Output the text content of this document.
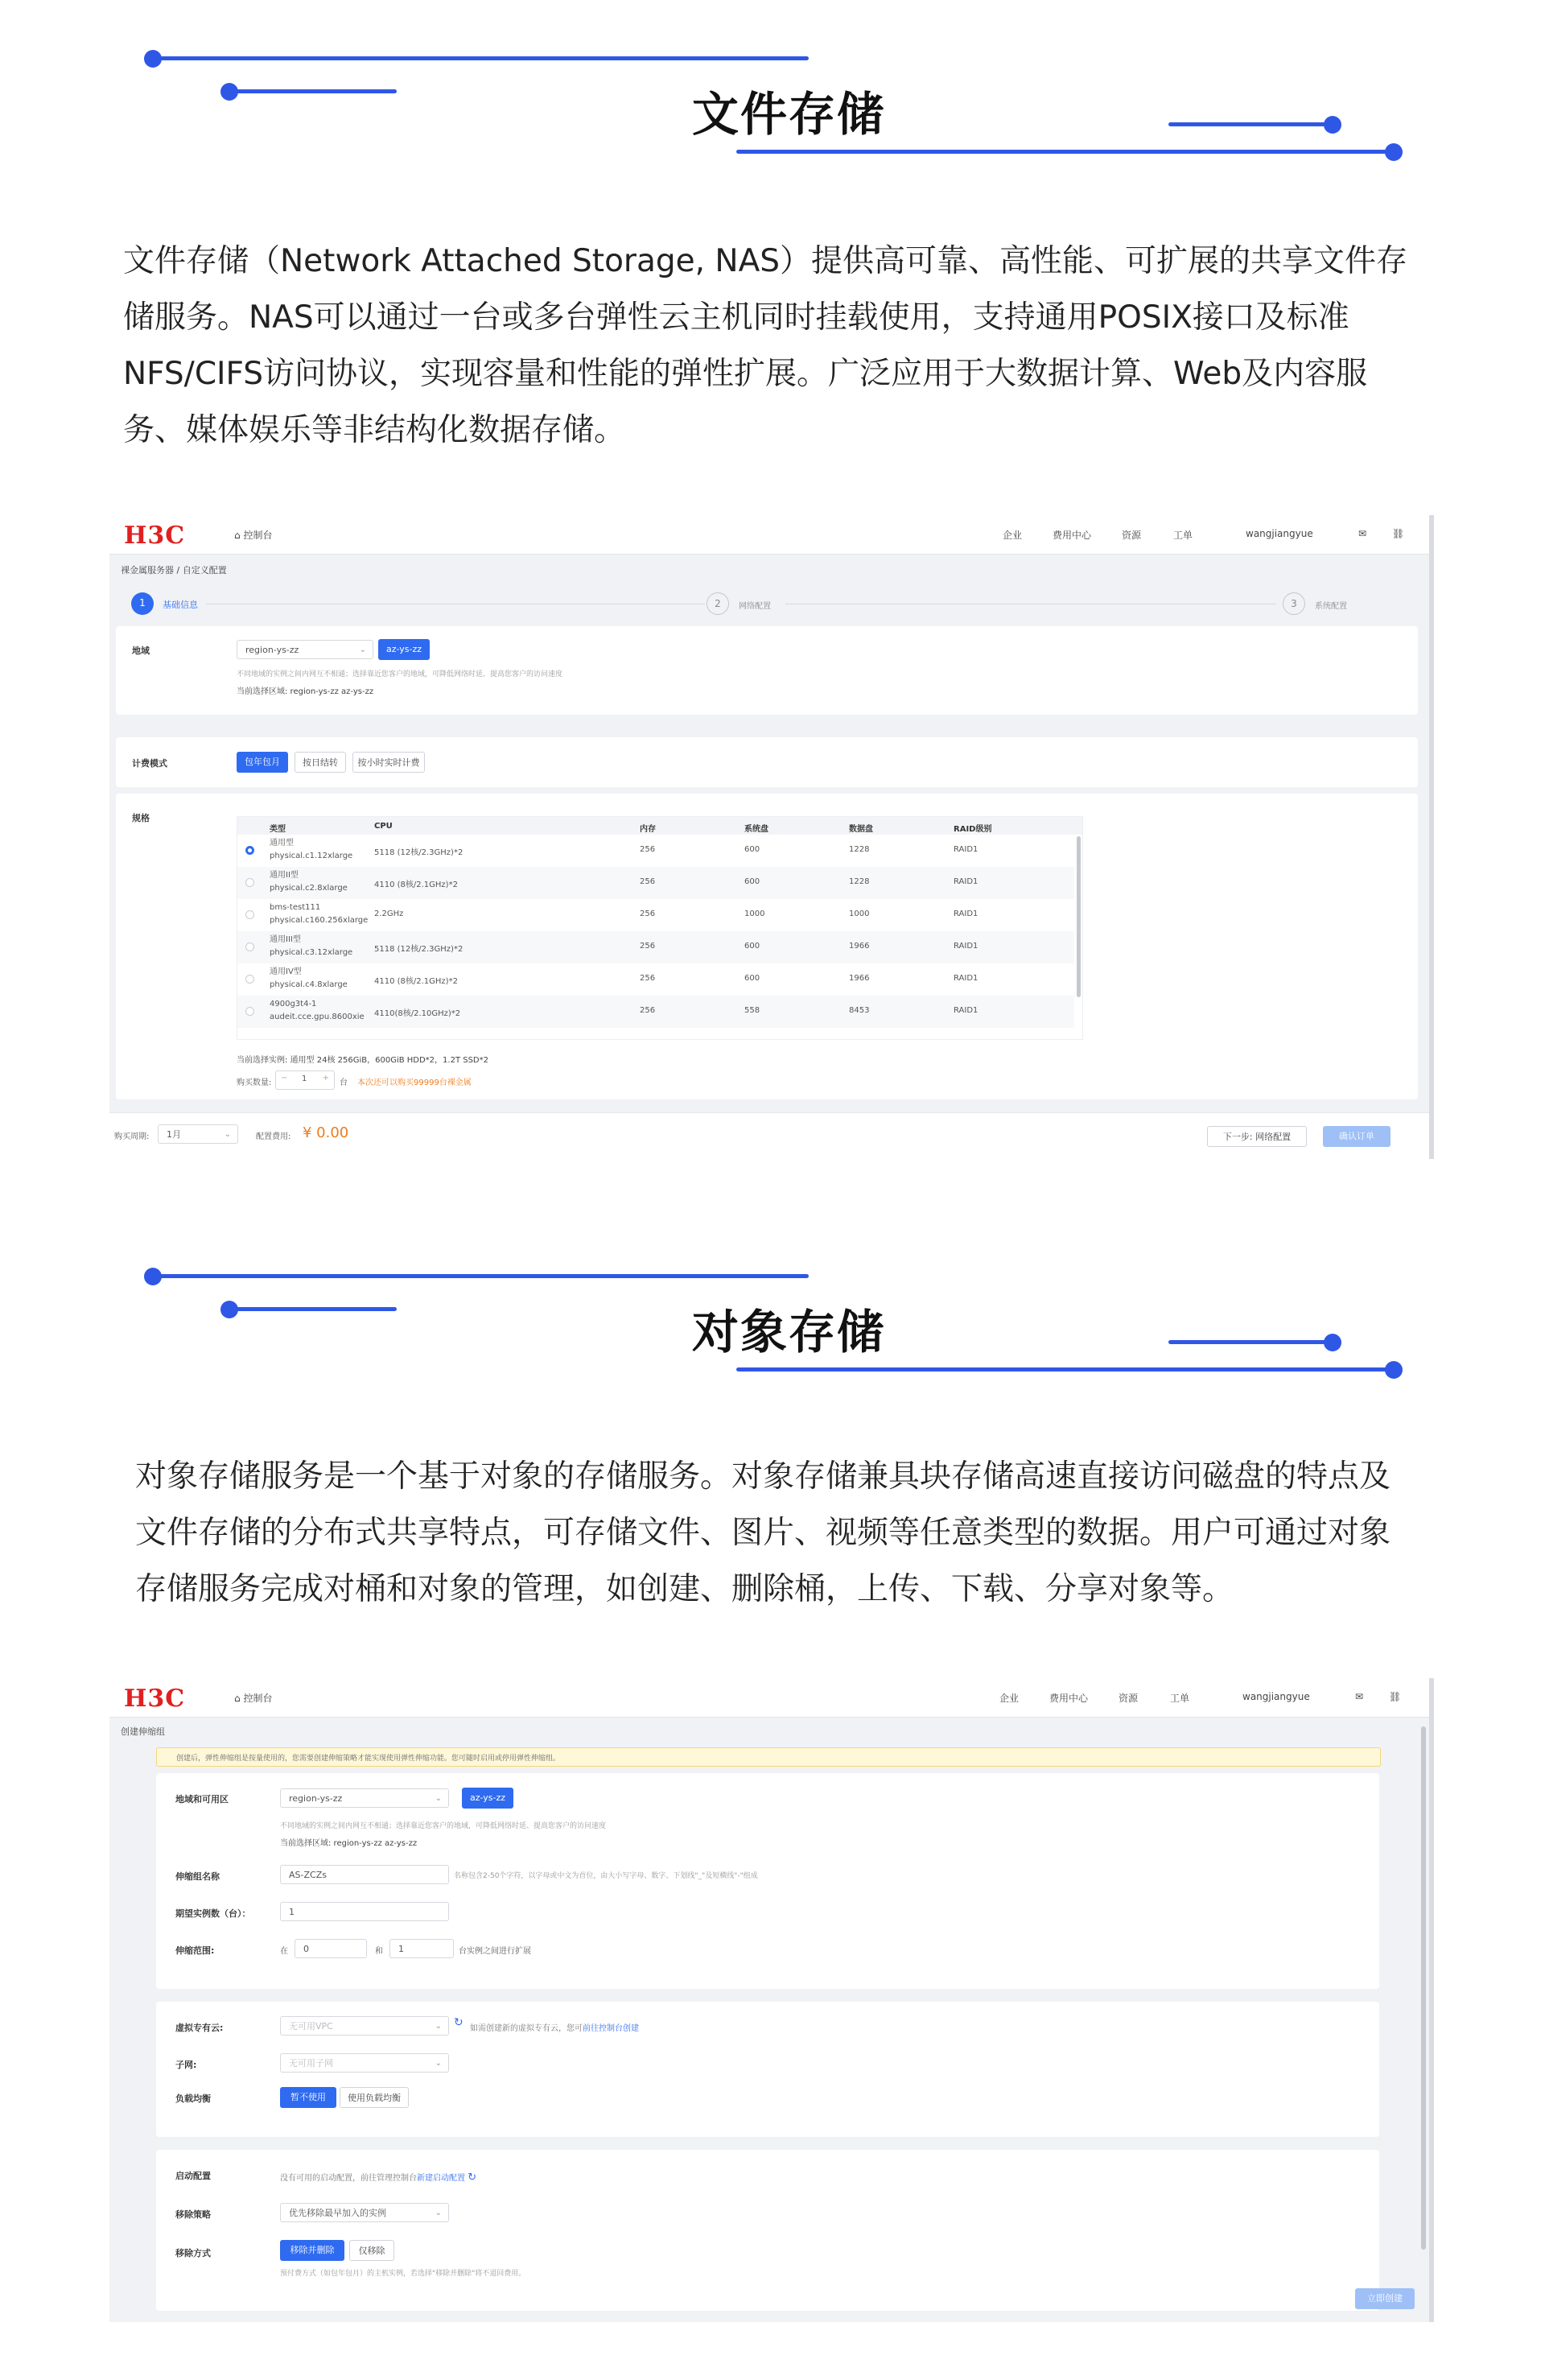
文件存储
文件存储（Network Attached Storage, NAS）提供高可靠、高性能、可扩展的共享文件存储服务。NAS可以通过一台或多台弹性云主机同时挂载使用，支持通用POSIX接口及标准NFS/CIFS访问协议，实现容量和性能的弹性扩展。广泛应用于大数据计算、Web及内容服务、媒体娱乐等非结构化数据存储。
H3C	⌂ 控制台	企业	费用中心	资源	工单	wangjiangyue	✉	⛓
裸金属服务器 / 自定义配置
1	基础信息	2	网络配置	3	系统配置
地域	region-ys-zz	⌄	az-ys-zz
不同地域的实例之间内网互不相通；选择靠近您客户的地域，可降低网络时延、提高您客户的访问速度
当前选择区域: region-ys-zz az-ys-zz
计费模式	包年包月	按日结转	按小时实时计费
规格
类型	CPU	内存	系统盘	数据盘	RAID级别
通用型
physical.c1.12xlarge	5118 (12核/2.3GHz)*2	256	600	1228	RAID1
通用II型
physical.c2.8xlarge	4110 (8核/2.1GHz)*2	256	600	1228	RAID1
bms-test111
physical.c160.256xlarge
2.2GHz	256	1000	1000	RAID1
通用III型
physical.c3.12xlarge	5118 (12核/2.3GHz)*2	256	600	1966	RAID1
通用IV型
physical.c4.8xlarge	4110 (8核/2.1GHz)*2	256	600	1966	RAID1
4900g3t4-1
audeit.cce.gpu.8600xie 4110(8核/2.10GHz)*2	256	558	8453	RAID1
当前选择实例: 通用型 24核 256GiB，600GiB HDD*2，1.2T SSD*2
购买数量:
− 1 +
台 本次还可以购买99999台裸金属
购买周期:	1月	⌄	配置费用: ¥ 0.00	下一步: 网络配置	确认订单
对象存储
对象存储服务是一个基于对象的存储服务。对象存储兼具块存储高速直接访问磁盘的特点及文件存储的分布式共享特点，可存储文件、图片、视频等任意类型的数据。用户可通过对象存储服务完成对桶和对象的管理，如创建、删除桶，上传、下载、分享对象等。
H3C	⌂ 控制台	企业	费用中心	资源	工单	wangjiangyue	✉	⛓
创建伸缩组
创建后，弹性伸缩组是按量使用的，您需要创建伸缩策略才能实现使用弹性伸缩功能。您可随时启用或停用弹性伸缩组。
地域和可用区	region-ys-zz	⌄	az-ys-zz
不同地域的实例之间内网互不相通；选择靠近您客户的地域，可降低网络时延、提高您客户的访问速度
当前选择区域: region-ys-zz az-ys-zz
伸缩组名称	AS-ZCZs	名称包含2-50个字符，以字母或中文为首位，由大小写字母、数字、下划线"_"及短横线"-"组成
期望实例数（台）：	1
伸缩范围:	在	0	和	1	台实例之间进行扩展
虚拟专有云:	无可用VPC	⌄ ↻ 如需创建新的虚拟专有云，您可前往控制台创建
子网:	无可用子网	⌄
负载均衡	暂不使用	使用负载均衡
启动配置	没有可用的启动配置，前往管理控制台新建启动配置 ↻
移除策略	优先移除最早加入的实例	⌄
移除方式	移除并删除	仅移除
预付费方式（如包年包月）的主机实例，若选择"移除并删除"将不退回费用。
立即创建
